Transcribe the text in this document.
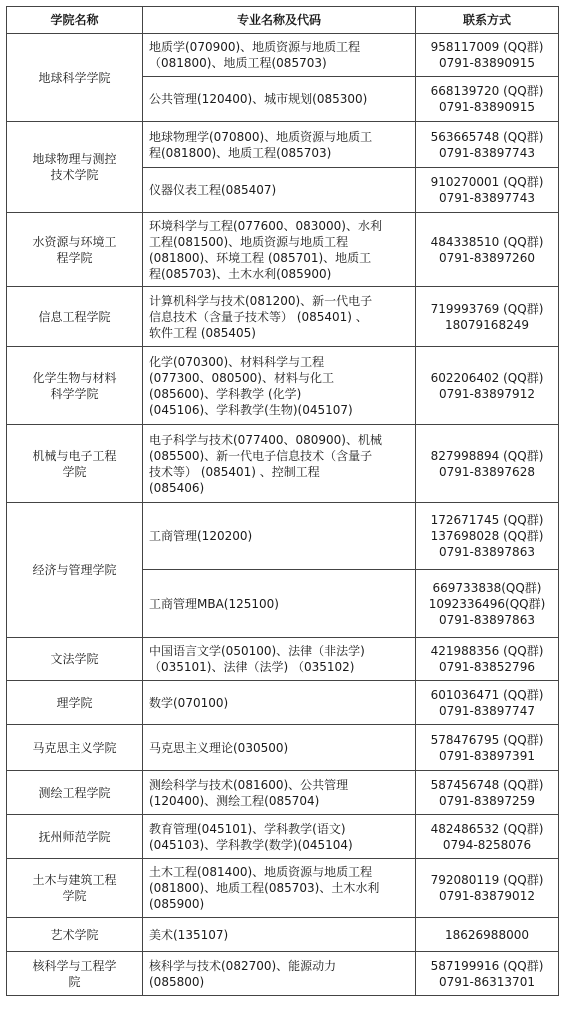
学院名称	专业名称及代码	联系方式

地球科学学院	地质学(070900)、地质资源与地质工程
（081800)、地质工程(085703)	958117009 (QQ群)
0791-83890915

	公共管理(120400)、城市规划(085300)	668139720 (QQ群)
0791-83890915

地球物理与测控
技术学院	地球物理学(070800)、地质资源与地质工
程(081800)、地质工程(085703)	563665748 (QQ群)
0791-83897743

	仪器仪表工程(085407)	910270001 (QQ群)
0791-83897743

水资源与环境工
程学院	环境科学与工程(077600、083000)、水利
工程(081500)、地质资源与地质工程
(081800)、环境工程 (085701)、地质工
程(085703)、土木水利(085900)	484338510 (QQ群)
0791-83897260

信息工程学院	计算机科学与技术(081200)、新一代电子
信息技术（含量子技术等） (085401) 、
软件工程 (085405)	719993769 (QQ群)
18079168249

化学生物与材料
科学学院	化学(070300)、材料科学与工程
(077300、080500)、材料与化工
(085600)、学科教学 (化学)
(045106)、学科教学(生物)(045107)	602206402 (QQ群)
0791-83897912

机械与电子工程
学院	电子科学与技术(077400、080900)、机械
(085500)、新一代电子信息技术（含量子
技术等） (085401) 、控制工程
(085406)	827998894 (QQ群)
0791-83897628

经济与管理学院	工商管理(120200)	172671745 (QQ群)
137698028 (QQ群)
0791-83897863

	工商管理MBA(125100)	669733838(QQ群)
1092336496(QQ群)
0791-83897863

文法学院	中国语言文学(050100)、法律（非法学)
（035101)、法律（法学) （035102)	421988356 (QQ群)
0791-83852796

理学院	数学(070100)	601036471 (QQ群)
0791-83897747

马克思主义学院	马克思主义理论(030500)	578476795 (QQ群)
0791-83897391

测绘工程学院	测绘科学与技术(081600)、公共管理
(120400)、测绘工程(085704)	587456748 (QQ群)
0791-83897259

抚州师范学院	教育管理(045101)、学科教学(语文)
(045103)、学科教学(数学)(045104)	482486532 (QQ群)
0794-8258076

土木与建筑工程
学院	土木工程(081400)、地质资源与地质工程
(081800)、地质工程(085703)、土木水利
(085900)	792080119 (QQ群)
0791-83879012

艺术学院	美术(135107)	18626988000

核科学与工程学
院	核科学与技术(082700)、能源动力
(085800)	587199916 (QQ群)
0791-86313701
